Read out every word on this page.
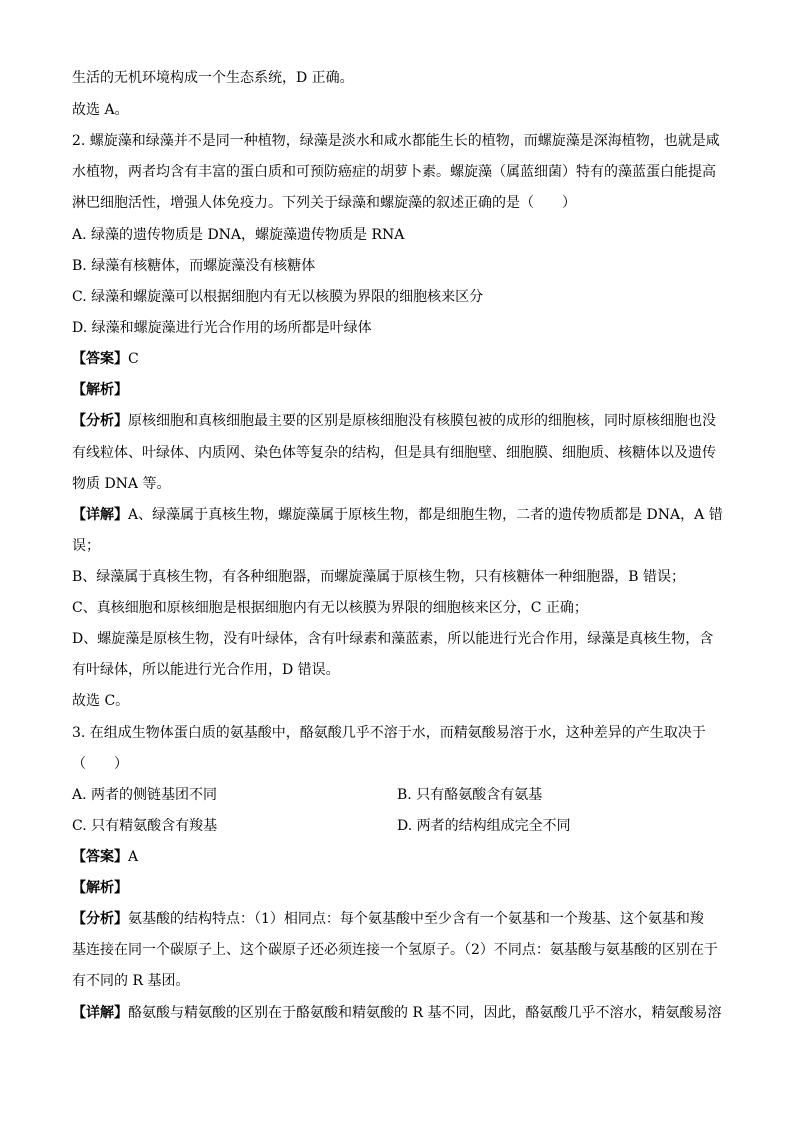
生活的无机环境构成一个生态系统，D 正确。
故选 A。
2. 螺旋藻和绿藻并不是同一种植物，绿藻是淡水和咸水都能生长的植物，而螺旋藻是深海植物，也就是咸
水植物，两者均含有丰富的蛋白质和可预防癌症的胡萝卜素。螺旋藻（属蓝细菌）特有的藻蓝蛋白能提高
淋巴细胞活性，增强人体免疫力。下列关于绿藻和螺旋藻的叙述正确的是（　　）
A. 绿藻的遗传物质是 DNA，螺旋藻遗传物质是 RNA
B. 绿藻有核糖体，而螺旋藻没有核糖体
C. 绿藻和螺旋藻可以根据细胞内有无以核膜为界限的细胞核来区分
D. 绿藻和螺旋藻进行光合作用的场所都是叶绿体
【答案】C
【解析】
【分析】原核细胞和真核细胞最主要的区别是原核细胞没有核膜包被的成形的细胞核，同时原核细胞也没
有线粒体、叶绿体、内质网、染色体等复杂的结构，但是具有细胞壁、细胞膜、细胞质、核糖体以及遗传
物质 DNA 等。
【详解】A、绿藻属于真核生物，螺旋藻属于原核生物，都是细胞生物，二者的遗传物质都是 DNA，A 错
误；
B、绿藻属于真核生物，有各种细胞器，而螺旋藻属于原核生物，只有核糖体一种细胞器，B 错误；
C、真核细胞和原核细胞是根据细胞内有无以核膜为界限的细胞核来区分，C 正确；
D、螺旋藻是原核生物，没有叶绿体，含有叶绿素和藻蓝素，所以能进行光合作用，绿藻是真核生物，含
有叶绿体，所以能进行光合作用，D 错误。
故选 C。
3. 在组成生物体蛋白质的氨基酸中，酪氨酸几乎不溶于水，而精氨酸易溶于水，这种差异的产生取决于
（　　）
A. 两者的侧链基团不同	B. 只有酪氨酸含有氨基
C. 只有精氨酸含有羧基	D. 两者的结构组成完全不同
【答案】A
【解析】
【分析】氨基酸的结构特点：（1）相同点：每个氨基酸中至少含有一个氨基和一个羧基、这个氨基和羧
基连接在同一个碳原子上、这个碳原子还必须连接一个氢原子。（2）不同点：氨基酸与氨基酸的区别在于
有不同的 R 基团。
【详解】酪氨酸与精氨酸的区别在于酪氨酸和精氨酸的 R 基不同，因此，酪氨酸几乎不溶水，精氨酸易溶
